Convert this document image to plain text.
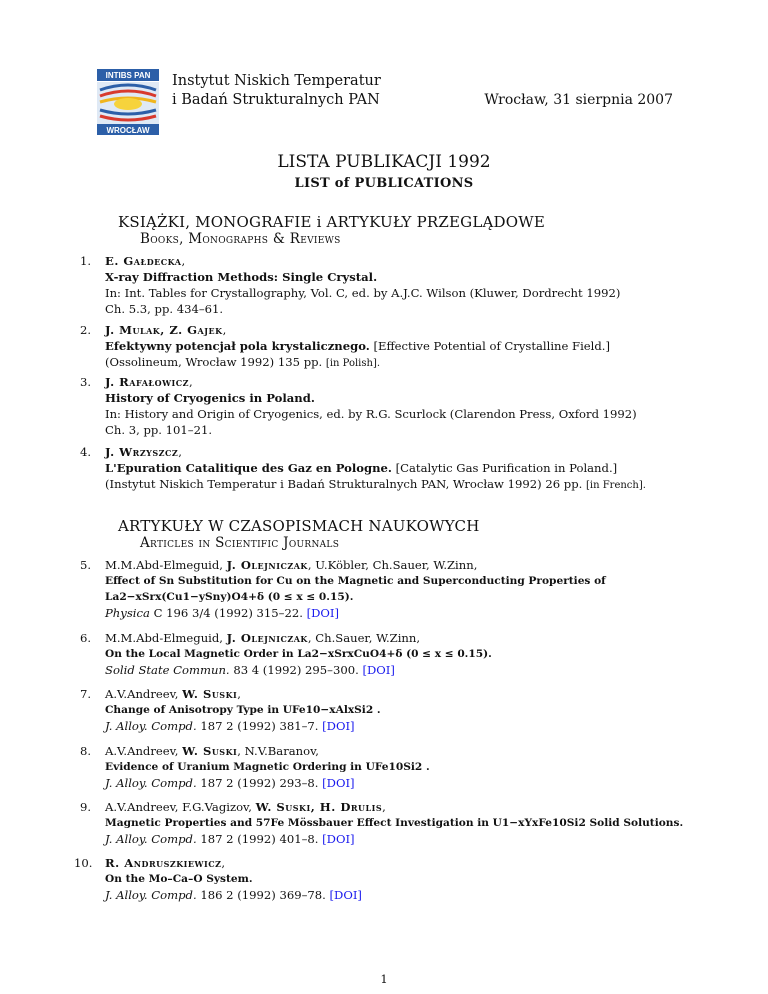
INTIBS PAN
WROCŁAW
Instytut Niskich Temperatur
i Badań Strukturalnych PAN	Wrocław, 31 sierpnia 2007
LISTA PUBLIKACJI 1992
LIST of PUBLICATIONS
KSIĄŻKI, MONOGRAFIE i ARTYKUŁY PRZEGLĄDOWE
Books, Monographs & Reviews
1.	E. Gałdecka,
X-ray Diffraction Methods: Single Crystal.
In: Int. Tables for Crystallography, Vol. C, ed. by A.J.C. Wilson (Kluwer, Dordrecht 1992)
Ch. 5.3, pp. 434–61.
2.	J. Mulak, Z. Gajek,
Efektywny potencjał pola krystalicznego. [Effective Potential of Crystalline Field.]
(Ossolineum, Wrocław 1992) 135 pp. [in Polish].
3.	J. Rafałowicz,
History of Cryogenics in Poland.
In: History and Origin of Cryogenics, ed. by R.G. Scurlock (Clarendon Press, Oxford 1992)
Ch. 3, pp. 101–21.
4.	J. Wrzyszcz,
L'Epuration Catalitique des Gaz en Pologne. [Catalytic Gas Purification in Poland.]
(Instytut Niskich Temperatur i Badań Strukturalnych PAN, Wrocław 1992) 26 pp. [in French].
ARTYKUŁY W CZASOPISMACH NAUKOWYCH
Articles in Scientific Journals
5.	M.M.Abd-Elmeguid, J. Olejniczak, U.Köbler, Ch.Sauer, W.Zinn,
Effect of Sn Substitution for Cu on the Magnetic and Superconducting Properties of
La2−xSrx(Cu1−ySny)O4+δ (0 ≤ x ≤ 0.15).
Physica C 196 3/4 (1992) 315–22. [DOI]
6.	M.M.Abd-Elmeguid, J. Olejniczak, Ch.Sauer, W.Zinn,
On the Local Magnetic Order in La2−xSrxCuO4+δ (0 ≤ x ≤ 0.15).
Solid State Commun. 83 4 (1992) 295–300. [DOI]
7.	A.V.Andreev, W. Suski,
Change of Anisotropy Type in UFe10−xAlxSi2 .
J. Alloy. Compd. 187 2 (1992) 381–7. [DOI]
8.	A.V.Andreev, W. Suski, N.V.Baranov,
Evidence of Uranium Magnetic Ordering in UFe10Si2 .
J. Alloy. Compd. 187 2 (1992) 293–8. [DOI]
9.	A.V.Andreev, F.G.Vagizov, W. Suski, H. Drulis,
Magnetic Properties and 57Fe Mössbauer Effect Investigation in U1−xYxFe10Si2 Solid Solutions.
J. Alloy. Compd. 187 2 (1992) 401–8. [DOI]
10.	R. Andruszkiewicz,
On the Mo–Ca–O System.
J. Alloy. Compd. 186 2 (1992) 369–78. [DOI]
1
